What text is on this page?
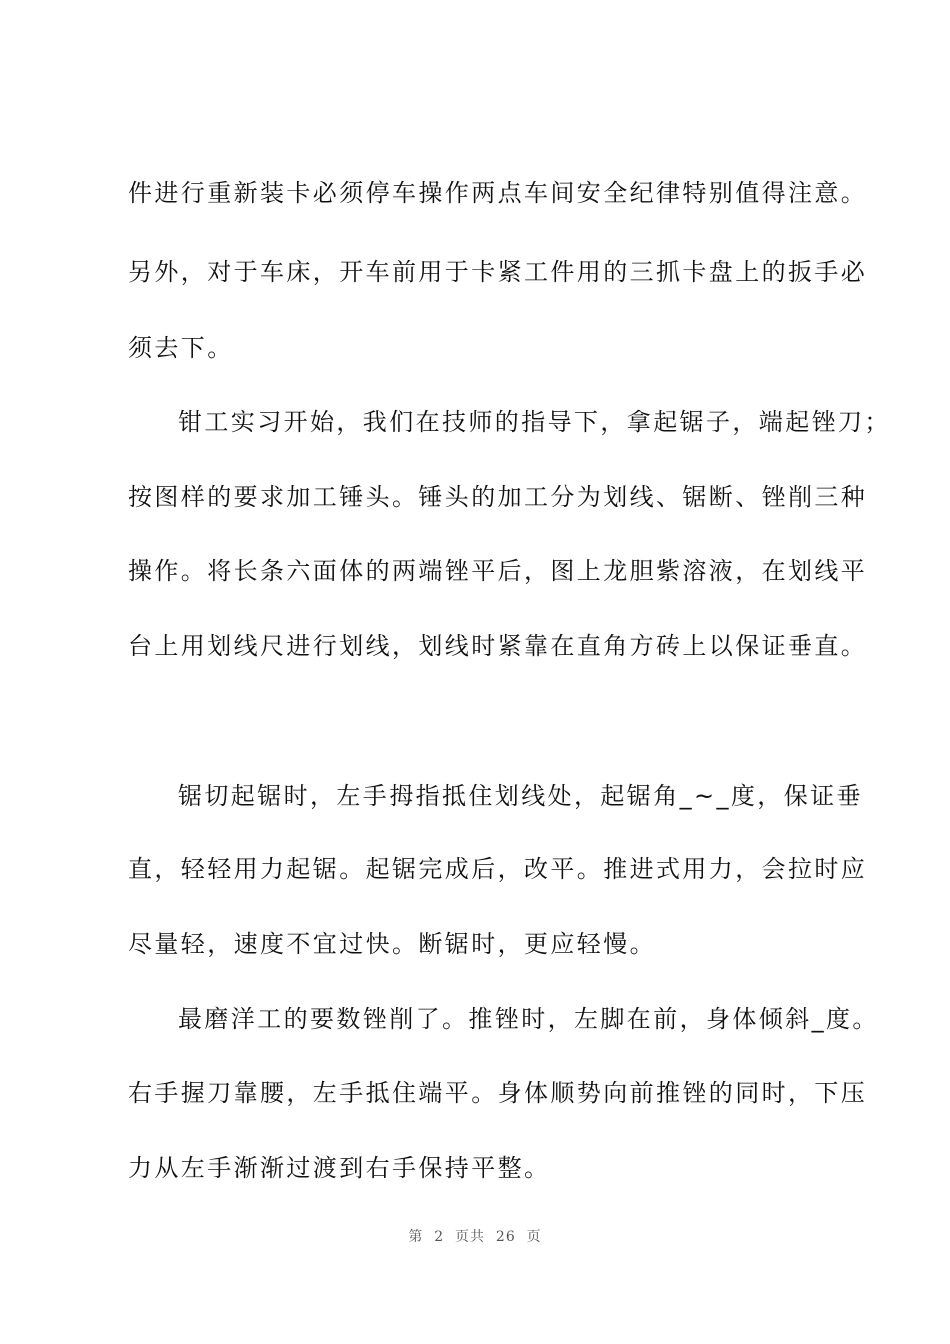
件进行重新装卡必须停车操作两点车间安全纪律特别值得注意。
另外，对于车床，开车前用于卡紧工件用的三抓卡盘上的扳手必
须去下。
钳工实习开始，我们在技师的指导下，拿起锯子，端起锉刀；
按图样的要求加工锤头。锤头的加工分为划线、锯断、锉削三种
操作。将长条六面体的两端锉平后，图上龙胆紫溶液，在划线平
台上用划线尺进行划线，划线时紧靠在直角方砖上以保证垂直。
锯切起锯时，左手拇指抵住划线处，起锯角_~_度，保证垂
直，轻轻用力起锯。起锯完成后，改平。推进式用力，会拉时应
尽量轻，速度不宜过快。断锯时，更应轻慢。
最磨洋工的要数锉削了。推锉时，左脚在前，身体倾斜_度。
右手握刀靠腰，左手抵住端平。身体顺势向前推锉的同时，下压
力从左手渐渐过渡到右手保持平整。
第  2  页共  26  页
